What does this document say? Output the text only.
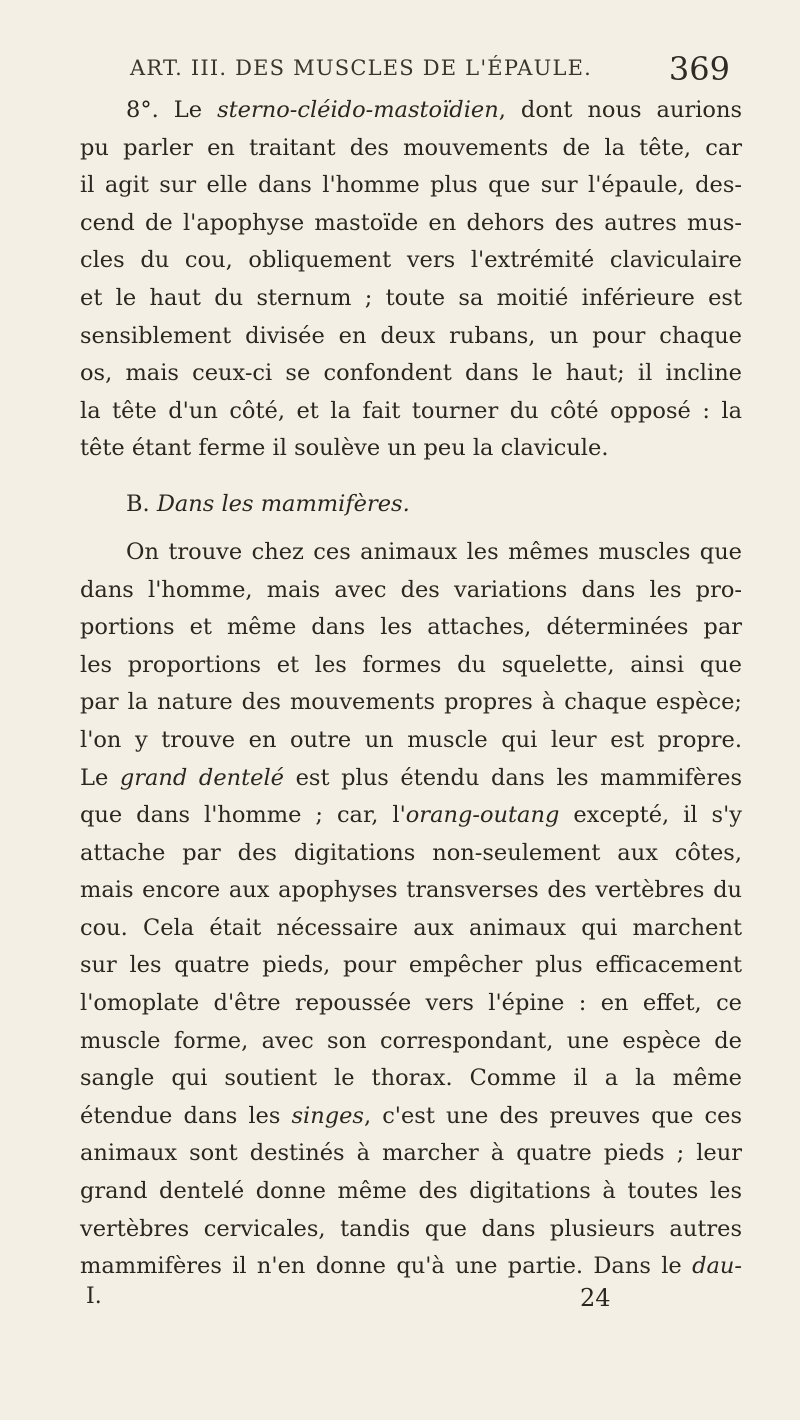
ART. III. DES MUSCLES DE L'ÉPAULE. 369
8°. Le sterno-cléido-mastoïdien, dont nous aurions
pu parler en traitant des mouvements de la tête, car
il agit sur elle dans l'homme plus que sur l'épaule, des-
cend de l'apophyse mastoïde en dehors des autres mus-
cles du cou, obliquement vers l'extrémité claviculaire
et le haut du sternum ; toute sa moitié inférieure est
sensiblement divisée en deux rubans, un pour chaque
os, mais ceux-ci se confondent dans le haut; il incline
la tête d'un côté, et la fait tourner du côté opposé : la
tête étant ferme il soulève un peu la clavicule.
B. Dans les mammifères.
On trouve chez ces animaux les mêmes muscles que
dans l'homme, mais avec des variations dans les pro-
portions et même dans les attaches, déterminées par
les proportions et les formes du squelette, ainsi que
par la nature des mouvements propres à chaque espèce;
l'on y trouve en outre un muscle qui leur est propre.
Le grand dentelé est plus étendu dans les mammifères
que dans l'homme ; car, l'orang-outang excepté, il s'y
attache par des digitations non-seulement aux côtes,
mais encore aux apophyses transverses des vertèbres du
cou. Cela était nécessaire aux animaux qui marchent
sur les quatre pieds, pour empêcher plus efficacement
l'omoplate d'être repoussée vers l'épine : en effet, ce
muscle forme, avec son correspondant, une espèce de
sangle qui soutient le thorax. Comme il a la même
étendue dans les singes, c'est une des preuves que ces
animaux sont destinés à marcher à quatre pieds ; leur
grand dentelé donne même des digitations à toutes les
vertèbres cervicales, tandis que dans plusieurs autres
mammifères il n'en donne qu'à une partie. Dans le dau-
I.	24
